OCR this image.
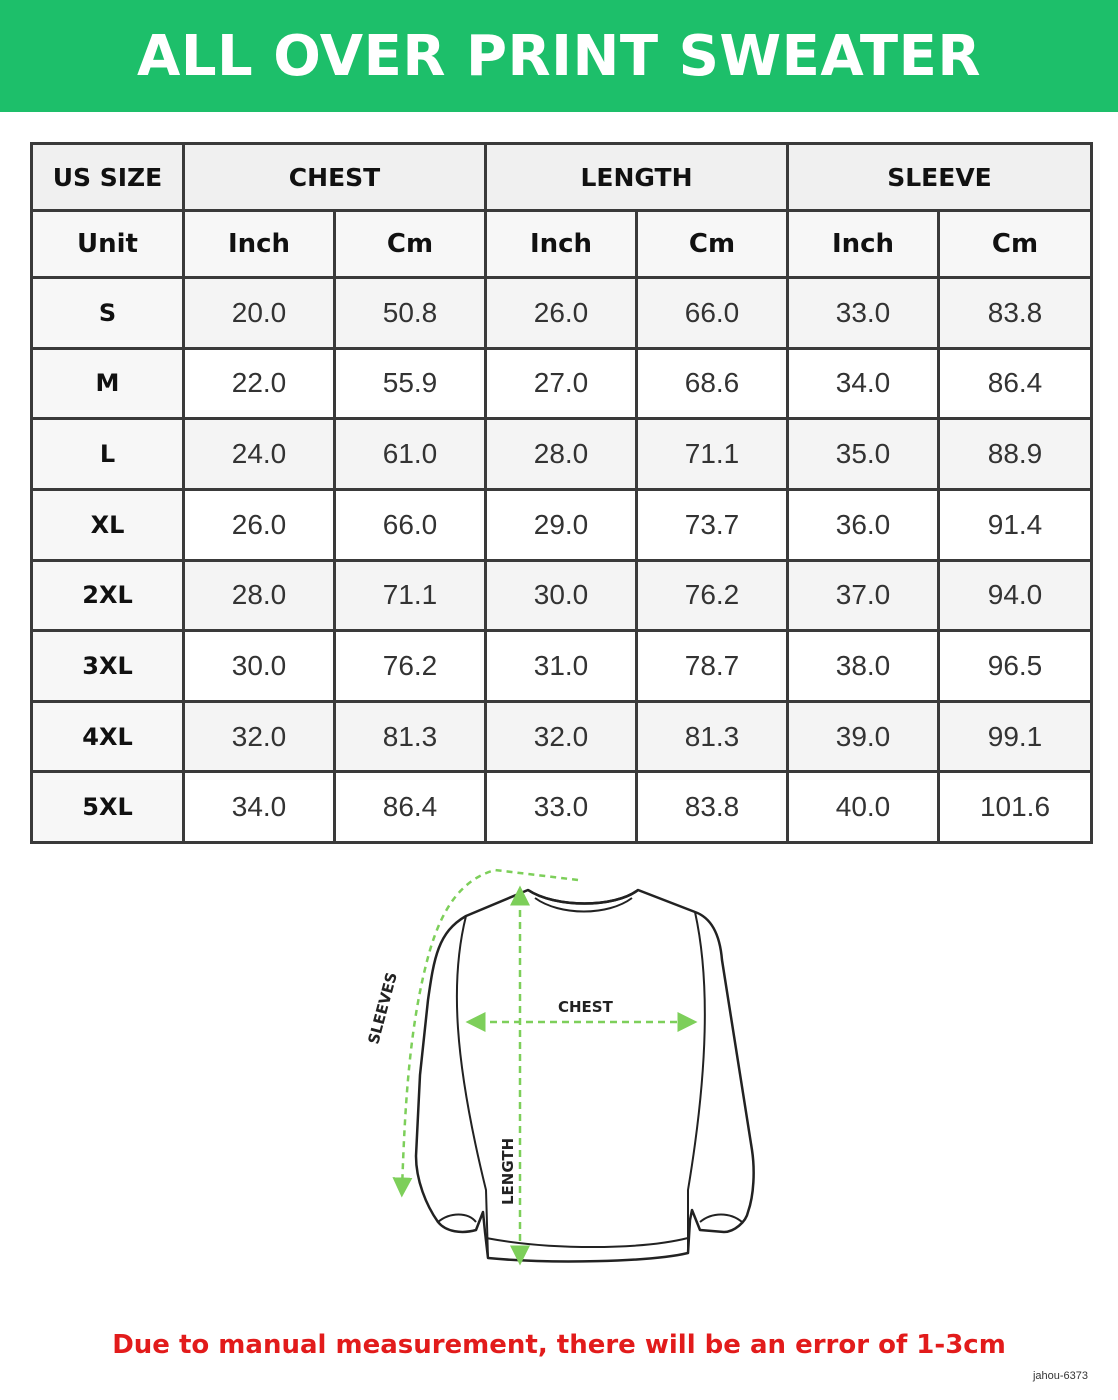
ALL OVER PRINT SWEATER
US SIZE	CHEST		LENGTH		SLEEVE	
Unit	Inch	Cm	Inch	Cm	Inch	Cm
S	20.0	50.8	26.0	66.0	33.0	83.8
M	22.0	55.9	27.0	68.6	34.0	86.4
L	24.0	61.0	28.0	71.1	35.0	88.9
XL	26.0	66.0	29.0	73.7	36.0	91.4
2XL	28.0	71.1	30.0	76.2	37.0	94.0
3XL	30.0	76.2	31.0	78.7	38.0	96.5
4XL	32.0	81.3	32.0	81.3	39.0	99.1
5XL	34.0	86.4	33.0	83.8	40.0	101.6
CHEST
SLEEVES
LENGTH
Due to manual measurement, there will be an error of 1-3cm
jahou-6373
